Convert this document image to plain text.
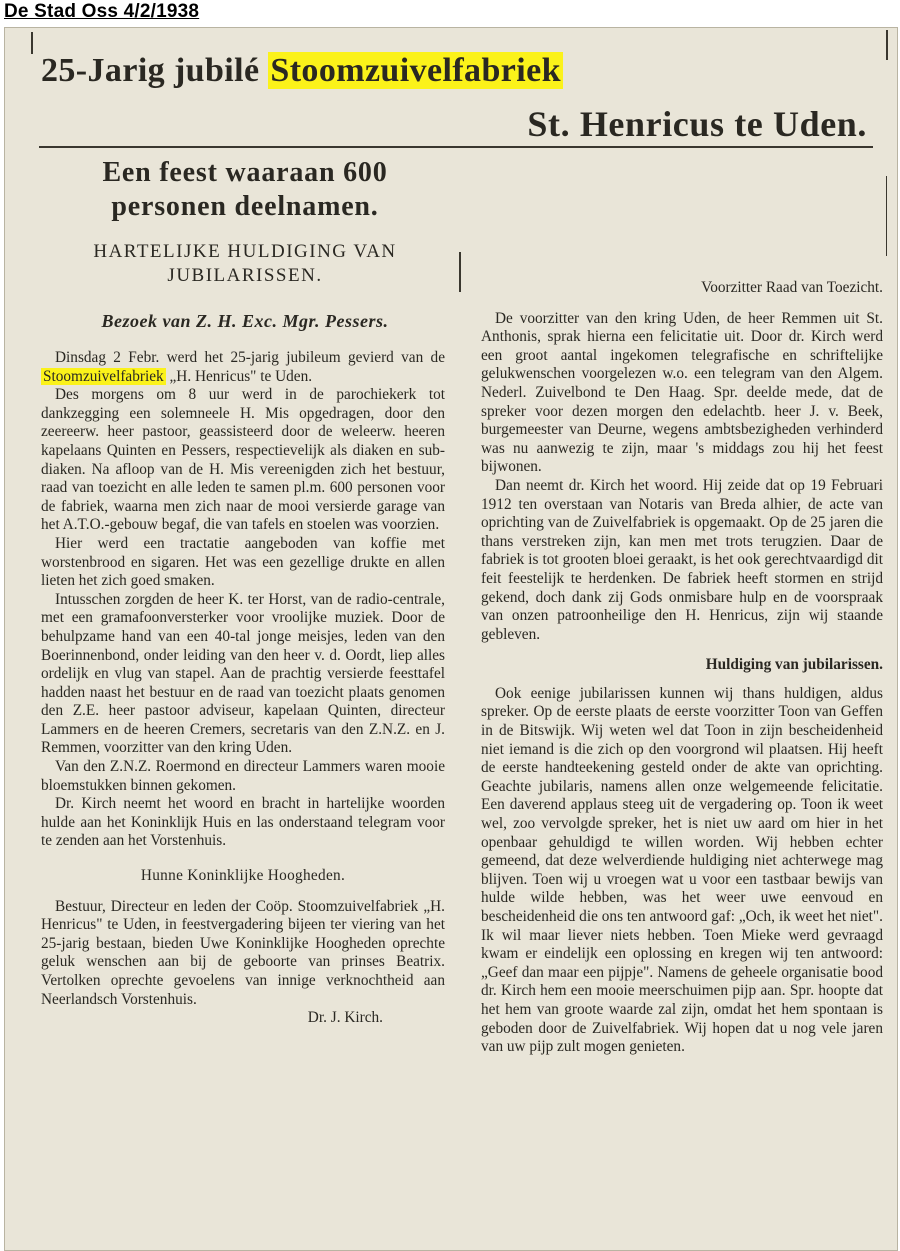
De Stad Oss 4/2/1938
25-Jarig jubilé Stoomzuivelfabriek
St. Henricus te Uden.
Een feest waaraan 600
personen deelnamen.
HARTELIJKE HULDIGING VAN
JUBILARISSEN.
Bezoek van Z. H. Exc. Mgr. Pessers.

Dinsdag 2 Febr. werd het 25-jarig jubileum gevierd van de Stoomzuivelfabriek „H. Henricus" te Uden.

Des morgens om 8 uur werd in de parochiekerk tot dankzegging een solemneele H. Mis opgedragen, door den zeereerw. heer pastoor, geassisteerd door de weleerw. heeren kapelaans Quinten en Pessers, respectievelijk als diaken en sub-diaken. Na afloop van de H. Mis vereenigden zich het bestuur, raad van toezicht en alle leden te samen pl.m. 600 personen voor de fabriek, waarna men zich naar de mooi versierde garage van het A.T.O.-gebouw begaf, die van tafels en stoelen was voorzien.

Hier werd een tractatie aangeboden van koffie met worstenbrood en sigaren. Het was een gezellige drukte en allen lieten het zich goed smaken.

Intusschen zorgden de heer K. ter Horst, van de radio-centrale, met een gramafoonversterker voor vroolijke muziek. Door de behulpzame hand van een 40-tal jonge meisjes, leden van den Boerinnenbond, onder leiding van den heer v. d. Oordt, liep alles ordelijk en vlug van stapel. Aan de prachtig versierde feesttafel hadden naast het bestuur en de raad van toezicht plaats genomen den Z.E. heer pastoor adviseur, kapelaan Quinten, directeur Lammers en de heeren Cremers, secretaris van den Z.N.Z. en J. Remmen, voorzitter van den kring Uden.

Van den Z.N.Z. Roermond en directeur Lammers waren mooie bloemstukken binnen gekomen.

Dr. Kirch neemt het woord en bracht in hartelijke woorden hulde aan het Koninklijk Huis en las onderstaand telegram voor te zenden aan het Vorstenhuis.

Hunne Koninklijke Hoogheden.

Bestuur, Directeur en leden der Coöp. Stoomzuivelfabriek „H. Henricus" te Uden, in feestvergadering bijeen ter viering van het 25-jarig bestaan, bieden Uwe Koninklijke Hoogheden oprechte geluk wenschen aan bij de geboorte van prinses Beatrix. Vertolken oprechte gevoelens van innige verknochtheid aan Neerlandsch Vorstenhuis.

Dr. J. Kirch.

Voorzitter Raad van Toezicht.

De voorzitter van den kring Uden, de heer Remmen uit St. Anthonis, sprak hierna een felicitatie uit. Door dr. Kirch werd een groot aantal ingekomen telegrafische en schriftelijke gelukwenschen voorgelezen w.o. een telegram van den Algem. Nederl. Zuivelbond te Den Haag. Spr. deelde mede, dat de spreker voor dezen morgen den edelachtb. heer J. v. Beek, burgemeester van Deurne, wegens ambtsbezigheden verhinderd was nu aanwezig te zijn, maar 's middags zou hij het feest bijwonen.

Dan neemt dr. Kirch het woord. Hij zeide dat op 19 Februari 1912 ten overstaan van Notaris van Breda alhier, de acte van oprichting van de Zuivelfabriek is opgemaakt. Op de 25 jaren die thans verstreken zijn, kan men met trots terugzien. Daar de fabriek is tot grooten bloei geraakt, is het ook gerechtvaardigd dit feit feestelijk te herdenken. De fabriek heeft stormen en strijd gekend, doch dank zij Gods onmisbare hulp en de voorspraak van onzen patroonheilige den H. Henricus, zijn wij staande gebleven.

Huldiging van jubilarissen.

Ook eenige jubilarissen kunnen wij thans huldigen, aldus spreker. Op de eerste plaats de eerste voorzitter Toon van Geffen in de Bitswijk. Wij weten wel dat Toon in zijn bescheidenheid niet iemand is die zich op den voorgrond wil plaatsen. Hij heeft de eerste handteekening gesteld onder de akte van oprichting. Geachte jubilaris, namens allen onze welgemeende felicitatie. Een daverend applaus steeg uit de vergadering op. Toon ik weet wel, zoo vervolgde spreker, het is niet uw aard om hier in het openbaar gehuldigd te willen worden. Wij hebben echter gemeend, dat deze welverdiende huldiging niet achterwege mag blijven. Toen wij u vroegen wat u voor een tastbaar bewijs van hulde wilde hebben, was het weer uwe eenvoud en bescheidenheid die ons ten antwoord gaf: „Och, ik weet het niet". Ik wil maar liever niets hebben. Toen Mieke werd gevraagd kwam er eindelijk een oplossing en kregen wij ten antwoord: „Geef dan maar een pijpje". Namens de geheele organisatie bood dr. Kirch hem een mooie meerschuimen pijp aan. Spr. hoopte dat het hem van groote waarde zal zijn, omdat het hem spontaan is geboden door de Zuivelfabriek. Wij hopen dat u nog vele jaren van uw pijp zult mogen genieten.
